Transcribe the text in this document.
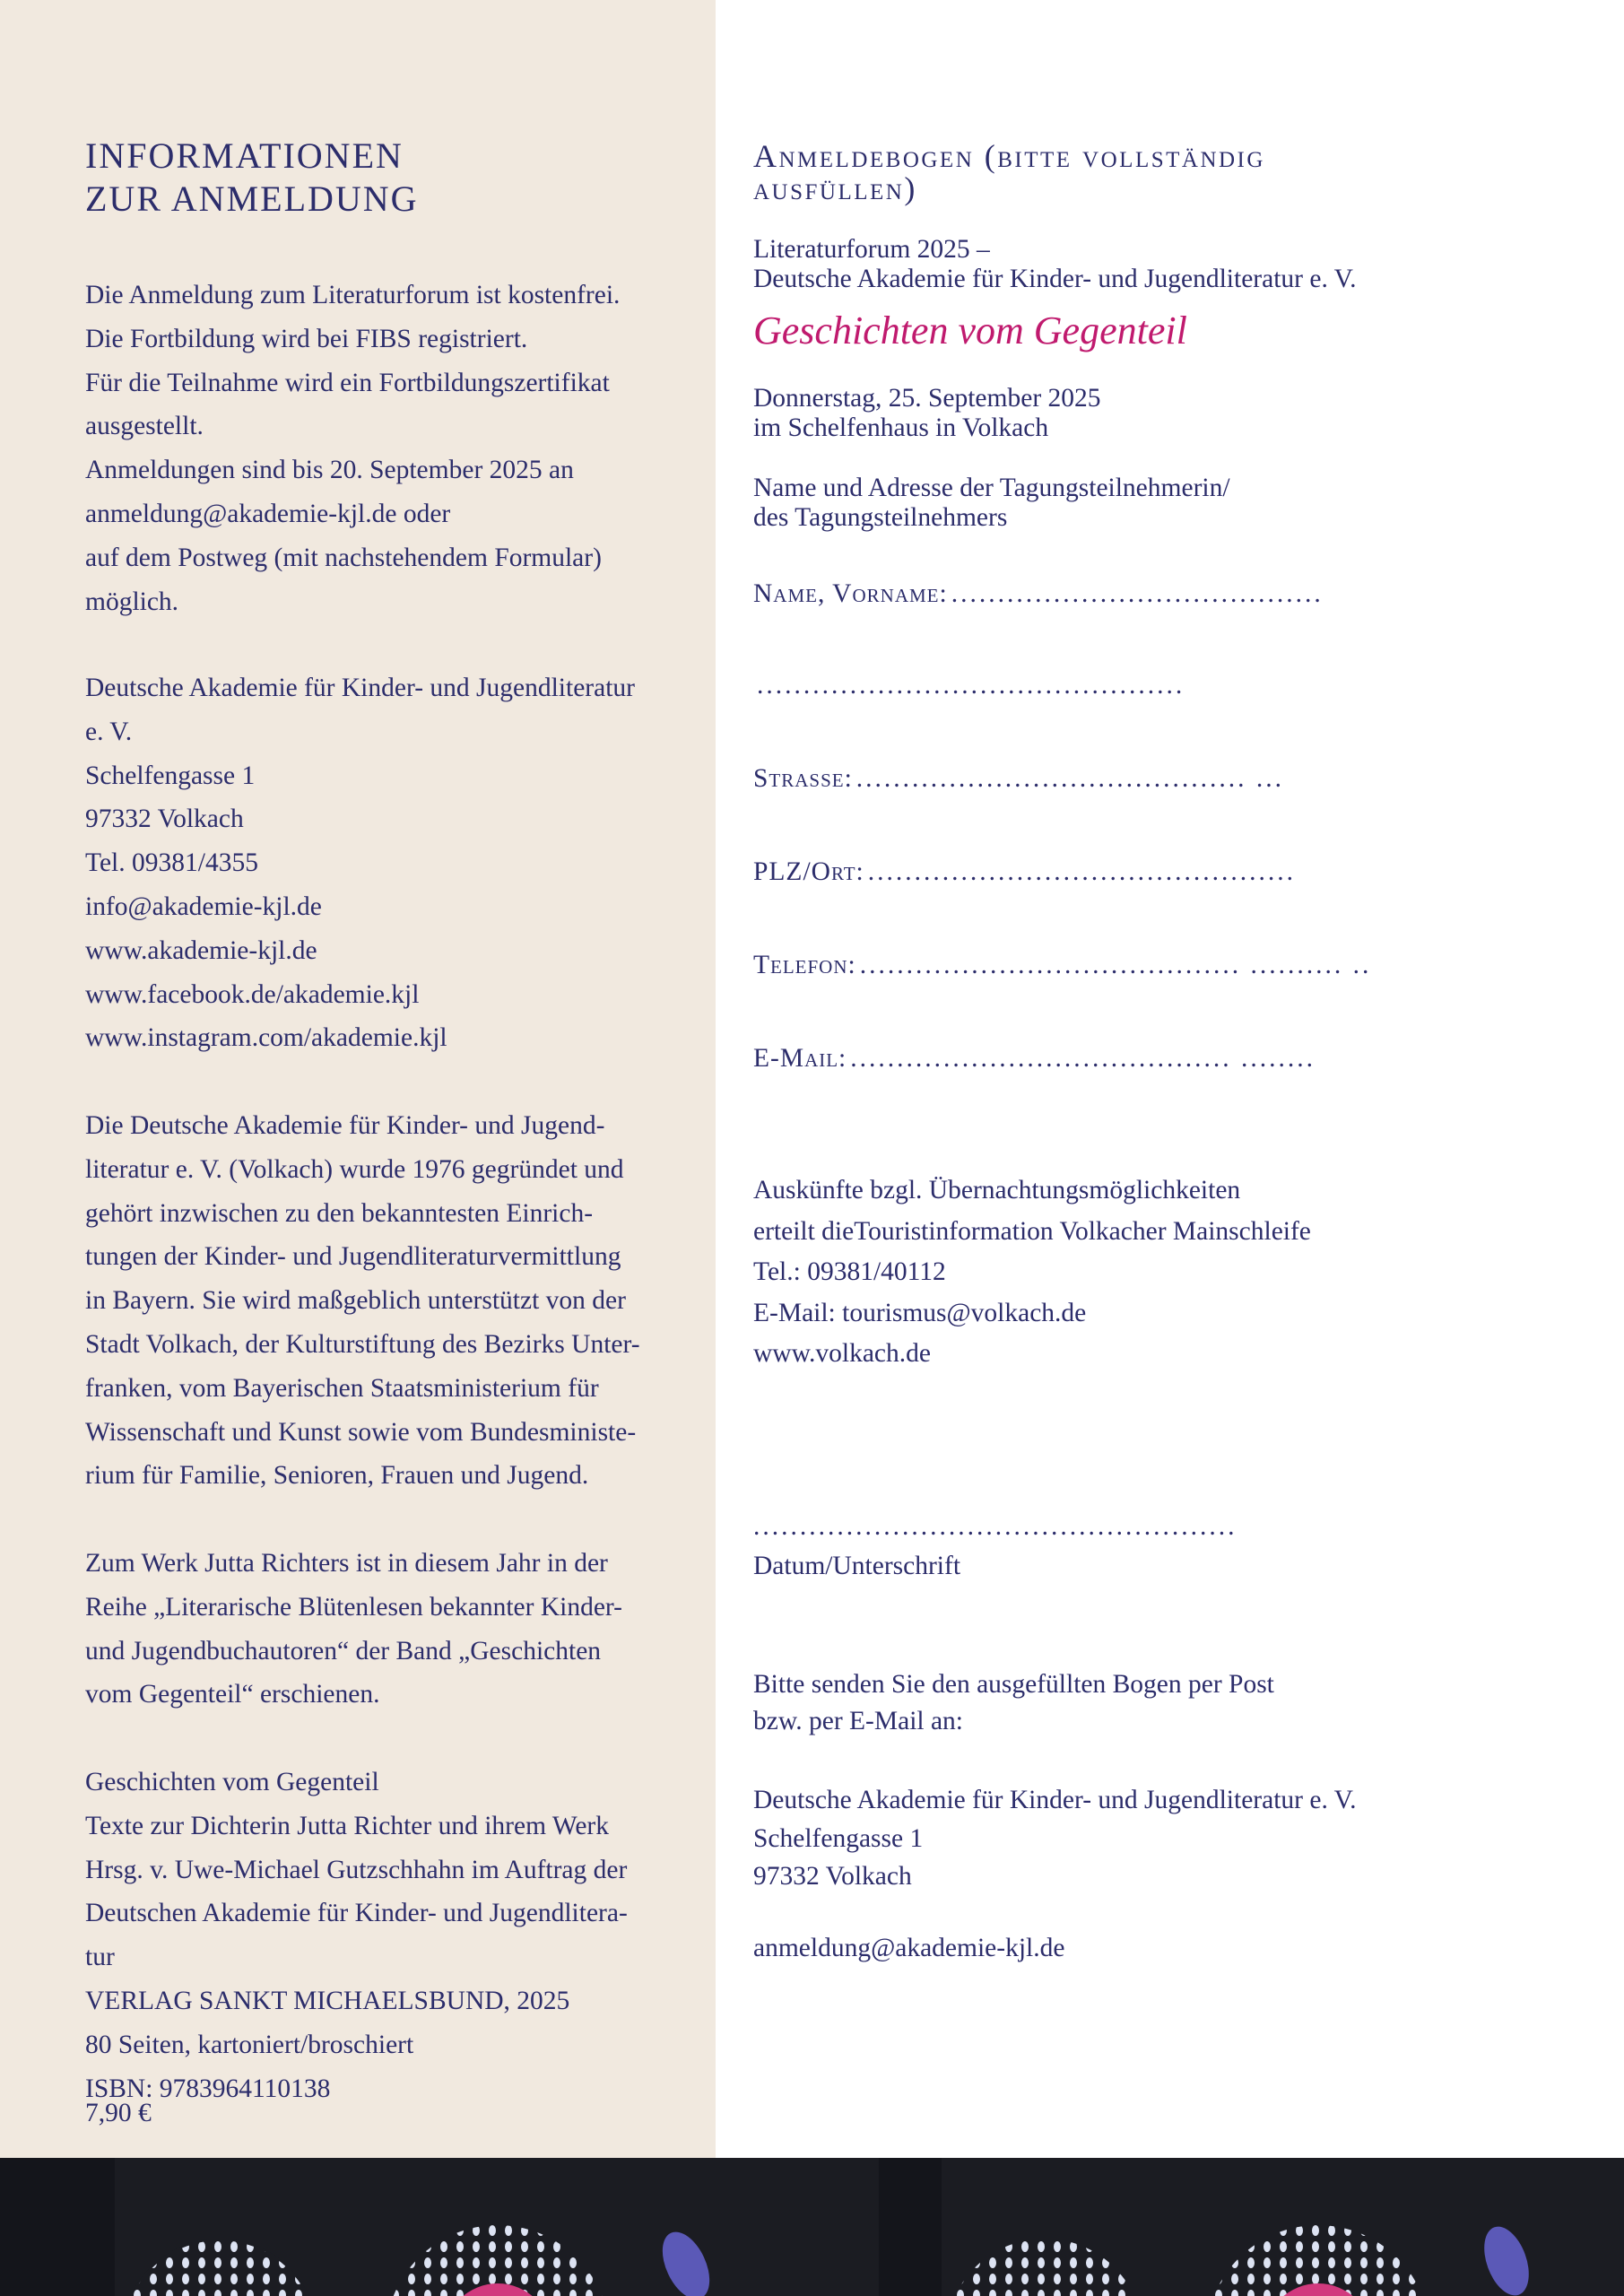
INFORMATIONEN
ZUR ANMELDUNG
Die Anmeldung zum Literaturforum ist kostenfrei.
Die Fortbildung wird bei FIBS registriert.
Für die Teilnahme wird ein Fortbildungszertifikat
ausgestellt.
Anmeldungen sind bis 20. September 2025 an
anmeldung@akademie-kjl.de oder
auf dem Postweg (mit nachstehendem Formular)
möglich.
Deutsche Akademie für Kinder- und Jugendliteratur
e. V.
Schelfengasse 1
97332 Volkach
Tel. 09381/4355
info@akademie-kjl.de
www.akademie-kjl.de
www.facebook.de/akademie.kjl
www.instagram.com/akademie.kjl
Die Deutsche Akademie für Kinder- und Jugend-
literatur e. V. (Volkach) wurde 1976 gegründet und
gehört inzwischen zu den bekanntesten Einrich-
tungen der Kinder- und Jugendliteraturvermittlung
in Bayern. Sie wird maßgeblich unterstützt von der
Stadt Volkach, der Kulturstiftung des Bezirks Unter-
franken, vom Bayerischen Staatsministerium für
Wissenschaft und Kunst sowie vom Bundesministe-
rium für Familie, Senioren, Frauen und Jugend.
Zum Werk Jutta Richters ist in diesem Jahr in der
Reihe „Literarische Blütenlesen bekannter Kinder-
und Jugendbuchautoren“ der Band „Geschichten
vom Gegenteil“ erschienen.
Geschichten vom Gegenteil
Texte zur Dichterin Jutta Richter und ihrem Werk
Hrsg. v. Uwe-Michael Gutzschhahn im Auftrag der
Deutschen Akademie für Kinder- und Jugendlitera-
tur
VERLAG SANKT MICHAELSBUND, 2025
80 Seiten, kartoniert/broschiert
ISBN: 9783964110138
7,90 €
Anmeldebogen (bitte vollständig
ausfüllen)
Literaturforum 2025 –
Deutsche Akademie für Kinder- und Jugendliteratur e. V.
Geschichten vom Gegenteil
Donnerstag, 25. September 2025
im Schelfenhaus in Volkach
Name und Adresse der Tagungsteilnehmerin/
des Tagungsteilnehmers
Name, Vorname: ........................................
..............................................
Strasse: .......................................... ...
PLZ/Ort: ..............................................
Telefon: ......................................... .......... ..
E-Mail: ......................................... ........
Auskünfte bzgl. Übernachtungsmöglichkeiten
erteilt dieTouristinformation Volkacher Mainschleife
Tel.: 09381/40112
E-Mail: tourismus@volkach.de
www.volkach.de
....................................................
Datum/Unterschrift
Bitte senden Sie den ausgefüllten Bogen per Post
bzw. per E-Mail an:
Deutsche Akademie für Kinder- und Jugendliteratur e. V.
Schelfengasse 1
97332 Volkach
anmeldung@akademie-kjl.de
